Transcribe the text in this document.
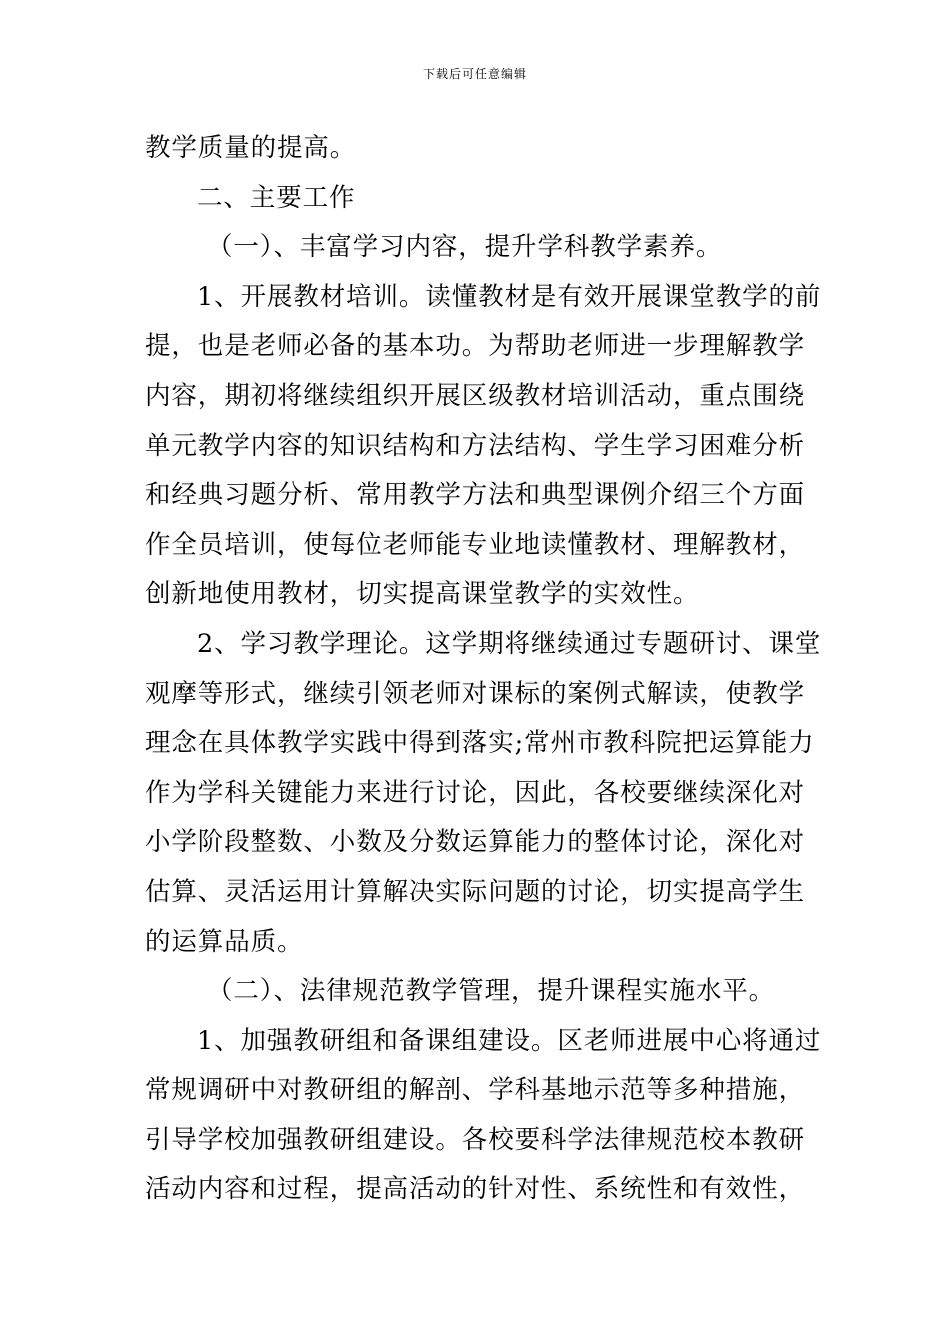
下载后可任意编辑
教学质量的提高。
二、主要工作
（一）、丰富学习内容，提升学科教学素养。
1、开展教材培训。读懂教材是有效开展课堂教学的前
提，也是老师必备的基本功。为帮助老师进一步理解教学
内容，期初将继续组织开展区级教材培训活动，重点围绕
单元教学内容的知识结构和方法结构、学生学习困难分析
和经典习题分析、常用教学方法和典型课例介绍三个方面
作全员培训，使每位老师能专业地读懂教材、理解教材，
创新地使用教材，切实提高课堂教学的实效性。
2、学习教学理论。这学期将继续通过专题研讨、课堂
观摩等形式，继续引领老师对课标的案例式解读，使教学
理念在具体教学实践中得到落实;常州市教科院把运算能力
作为学科关键能力来进行讨论，因此，各校要继续深化对
小学阶段整数、小数及分数运算能力的整体讨论，深化对
估算、灵活运用计算解决实际问题的讨论，切实提高学生
的运算品质。
（二）、法律规范教学管理，提升课程实施水平。
1、加强教研组和备课组建设。区老师进展中心将通过
常规调研中对教研组的解剖、学科基地示范等多种措施，
引导学校加强教研组建设。各校要科学法律规范校本教研
活动内容和过程，提高活动的针对性、系统性和有效性，
